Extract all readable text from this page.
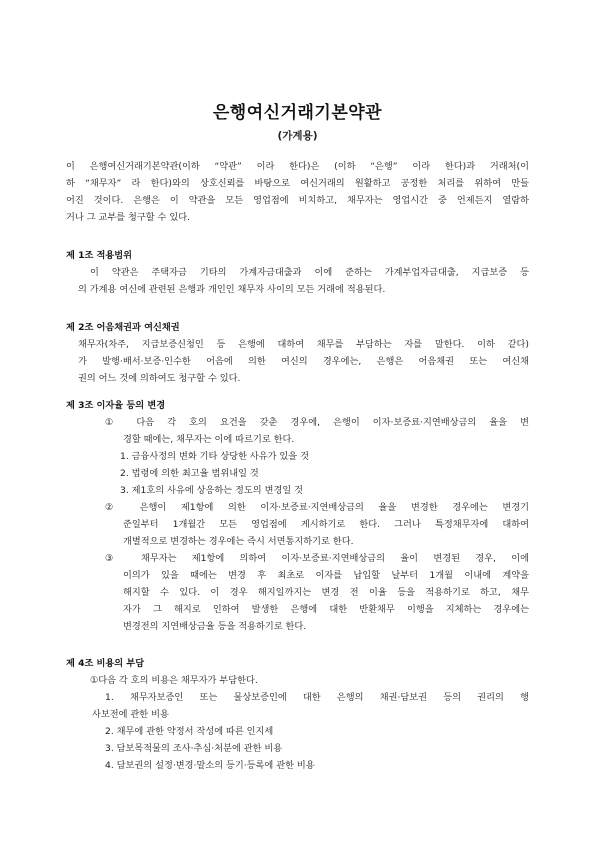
은행여신거래기본약관
(가계용)
이 은행여신거래기본약관(이하 “약관” 이라 한다)은 (이하 “은행” 이라 한다)과 거래처(이
하 “채무자” 라 한다)와의 상호신뢰를 바탕으로 여신거래의 원활하고 공정한 처리를 위하여 만들
어진 것이다. 은행은 이 약관을 모든 영업점에 비치하고, 채무자는 영업시간 중 언제든지 열람하
거나 그 교부를 청구할 수 있다.
제 1조 적용범위
이 약관은 주택자금 기타의 가계자금대출과 이에 준하는 가계부업자금대출, 지급보증 등
의 가계용 여신에 관련된 은행과 개인인 채무자 사이의 모든 거래에 적용된다.
제 2조 어음채권과 여신채권
채무자(차주, 지급보증신청인 등 은행에 대하여 채무를 부담하는 자를 말한다. 이하 같다)
가 발행·배서·보증·인수한 어음에 의한 여신의 경우에는, 은행은 어음채권 또는 여신채
권의 어느 것에 의하여도 청구할 수 있다.
제 3조 이자율 등의 변경
① 다음 각 호의 요건을 갖춘 경우에, 은행이 이자·보증료·지연배상금의 율을 변
경할 때에는, 채무자는 이에 따르기로 한다.
1. 금융사정의 변화 기타 상당한 사유가 있을 것
2. 법령에 의한 최고율 범위내일 것
3. 제1호의 사유에 상응하는 정도의 변경일 것
② 은행이 제1항에 의한 이자·보증료·지연배상금의 율을 변경한 경우에는 변경기
준일부터 1개월간 모든 영업점에 게시하기로 한다. 그러나 특정채무자에 대하여
개별적으로 변경하는 경우에는 즉시 서면통지하기로 한다.
③ 채무자는 제1항에 의하여 이자·보증료·지연배상금의 율이 변경된 경우, 이에
이의가 있을 때에는 변경 후 최초로 이자를 납입할 날부터 1개월 이내에 계약을
해지할 수 있다. 이 경우 해지일까지는 변경 전 이율 등을 적용하기로 하고, 채무
자가 그 해지로 인하여 발생한 은행에 대한 반환채무 이행을 지체하는 경우에는
변경전의 지연배상금율 등을 적용하기로 한다.
제 4조 비용의 부담
①다음 각 호의 비용은 채무자가 부담한다.
1. 채무자보증인 또는 물상보증인에 대한 은행의 채권·담보권 등의 권리의 행
사보전에 관한 비용
2. 채무에 관한 약정서 작성에 따른 인지세
3. 담보목적물의 조사·추심·처분에 관한 비용
4. 담보권의 설정·변경·말소의 등기·등록에 관한 비용
